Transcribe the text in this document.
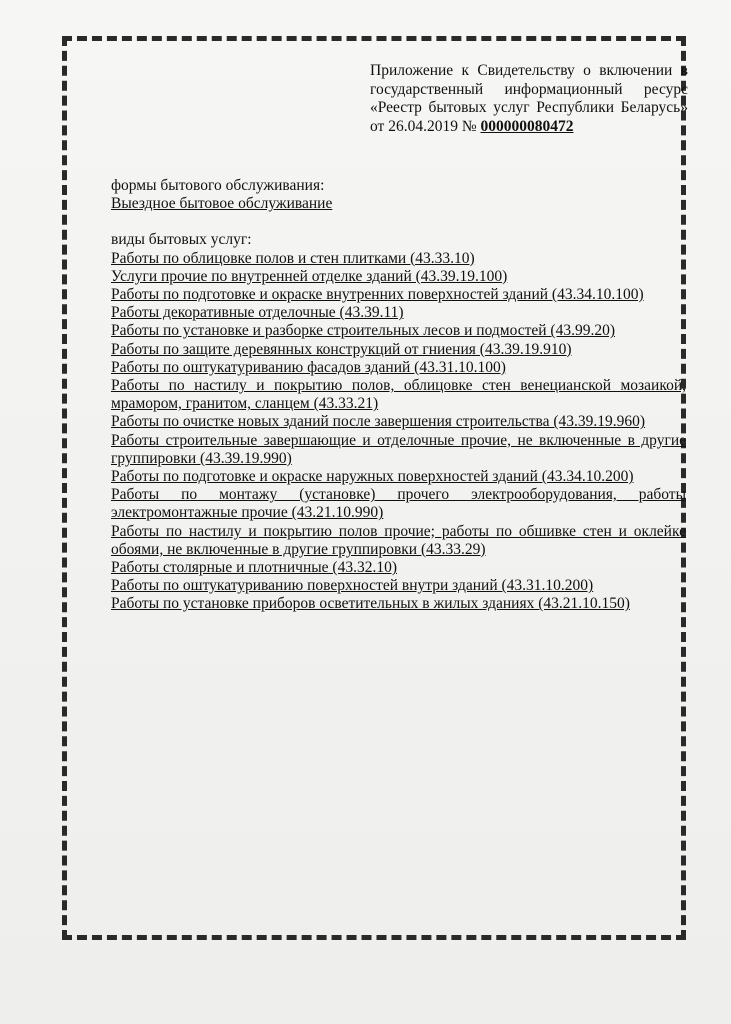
Приложение к Свидетельству о включении в государственный информационный ресурс «Реестр бытовых услуг Республики Беларусь» от 26.04.2019 № 000000080472

формы бытового обслуживания:

Выездное бытовое обслуживание

виды бытовых услуг:

Работы по облицовке полов и стен плитками (43.33.10)
Услуги прочие по внутренней отделке зданий (43.39.19.100)
Работы по подготовке и окраске внутренних поверхностей зданий (43.34.10.100)
Работы декоративные отделочные (43.39.11)
Работы по установке и разборке строительных лесов и подмостей (43.99.20)
Работы по защите деревянных конструкций от гниения (43.39.19.910)
Работы по оштукатуриванию фасадов зданий (43.31.10.100)
Работы по настилу и покрытию полов, облицовке стен венецианской мозаикой, мрамором, гранитом, сланцем (43.33.21)
Работы по очистке новых зданий после завершения строительства (43.39.19.960)
Работы строительные завершающие и отделочные прочие, не включенные в другие группировки (43.39.19.990)
Работы по подготовке и окраске наружных поверхностей зданий (43.34.10.200)
Работы по монтажу (установке) прочего электрооборудования, работы электромонтажные прочие (43.21.10.990)
Работы по настилу и покрытию полов прочие; работы по обшивке стен и оклейке обоями, не включенные в другие группировки (43.33.29)
Работы столярные и плотничные (43.32.10)
Работы по оштукатуриванию поверхностей внутри зданий (43.31.10.200)
Работы по установке приборов осветительных в жилых зданиях (43.21.10.150)
